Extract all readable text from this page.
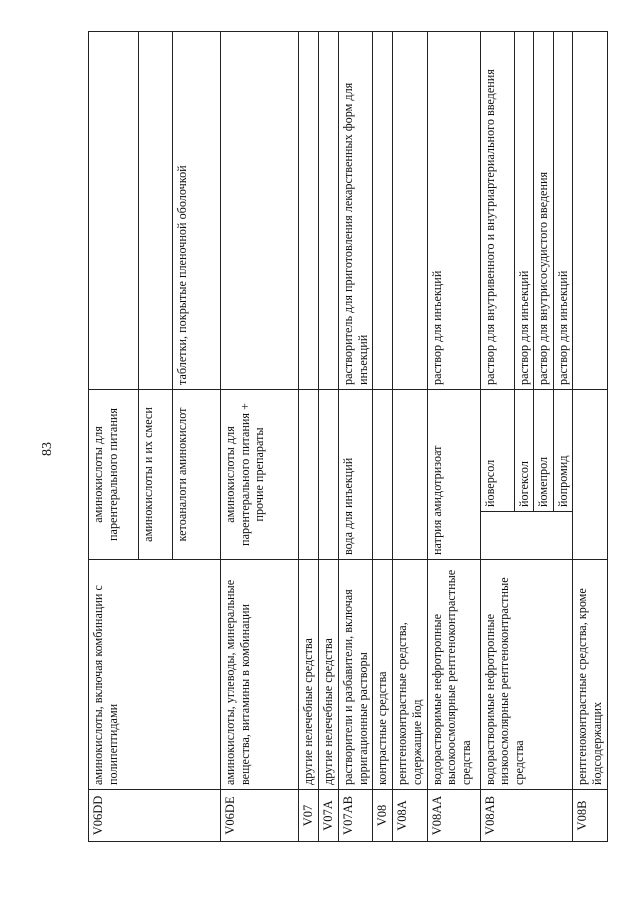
83
V06DD	аминокислоты, включая комбинации с полипептидами	аминокислоты для парентерального питания		
		аминокислоты и их смеси		
		кетоаналоги аминокислот		таблетки, покрытые пленочной оболочкой
V06DE	аминокислоты, углеводы, минеральные вещества, витамины в комбинации	аминокислоты для парентерального питания + прочие препараты		
V07	другие нелечебные средства			
V07A	другие нелечебные средства			
V07AB	растворители и разбавители, включая ирригационные растворы	вода для инъекций		растворитель для приготовления лекарственных форм для инъекций
V08	контрастные средства			
V08A	рентгеноконтрастные средства, содержащие йод			
V08AA	водорастворимые нефротропные высокоосмолярные рентгеноконтрастные средства	натрия амидотризоат		раствор для инъекций
V08AB	водорастворимые нефротропные низкоосмолярные рентгеноконтрастные средства		йоверсол	раствор для внутривенного и внутриартериального введения
			йогексол	раствор для инъекций
			йомепрол	раствор для внутрисосудистого введения
			йопромид	раствор для инъекций
V08B	рентгеноконтрастные средства, кроме йодсодержащих			
